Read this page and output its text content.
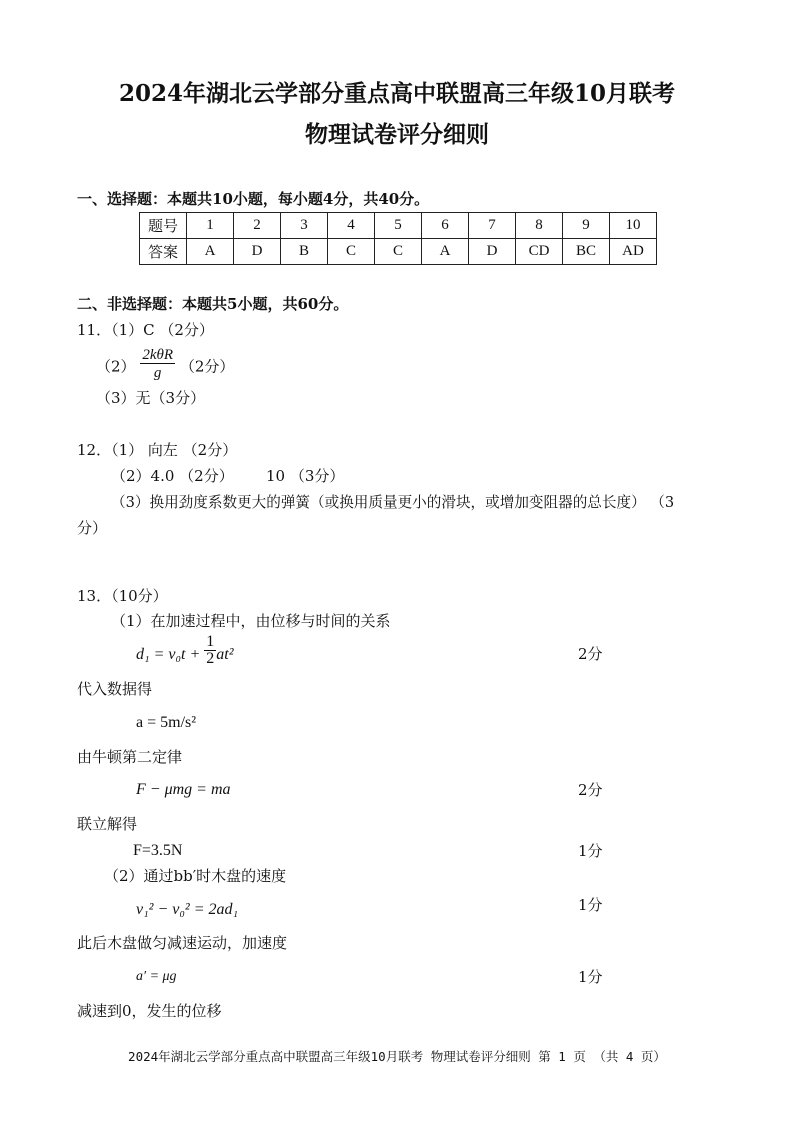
2024年湖北云学部分重点高中联盟高三年级10月联考
物理试卷评分细则
一、选择题：本题共10小题，每小题4分，共40分。
题号	1	2	3	4	5	6	7	8	9	10
答案	A	D	B	C	C	A	D	CD	BC	AD
二、非选择题：本题共5小题，共60分。
11．（1）C （2分）
$(2) \frac{\text{2kθR}}{g} (2$分）
（3）无（3分）
12．（1） 向左 （2分）
（2）4.0 （2分） 10 （3分）
（3）换用劲度系数更大的弹簧（或换用质量更小的滑块，或增加变阻器的总长度） （3
分）
13．（10分）
（1）在加速过程中，由位移与时间的关系
$d_1 = v_0t + \frac{1}{2} at^2$	2分
代入数据得
a = 5m/s²
由牛顿第二定律
F − μmg = ma	2分
联立解得
F=3.5N	1分
（2）通过bb′时木盘的速度
v₁² − v₀² = 2ad₁	1分
此后木盘做匀减速运动，加速度
a′ = μg	1分
减速到0，发生的位移
2024年湖北云学部分重点高中联盟高三年级10月联考 物理试卷评分细则 第 1 页 （共 4 页）
